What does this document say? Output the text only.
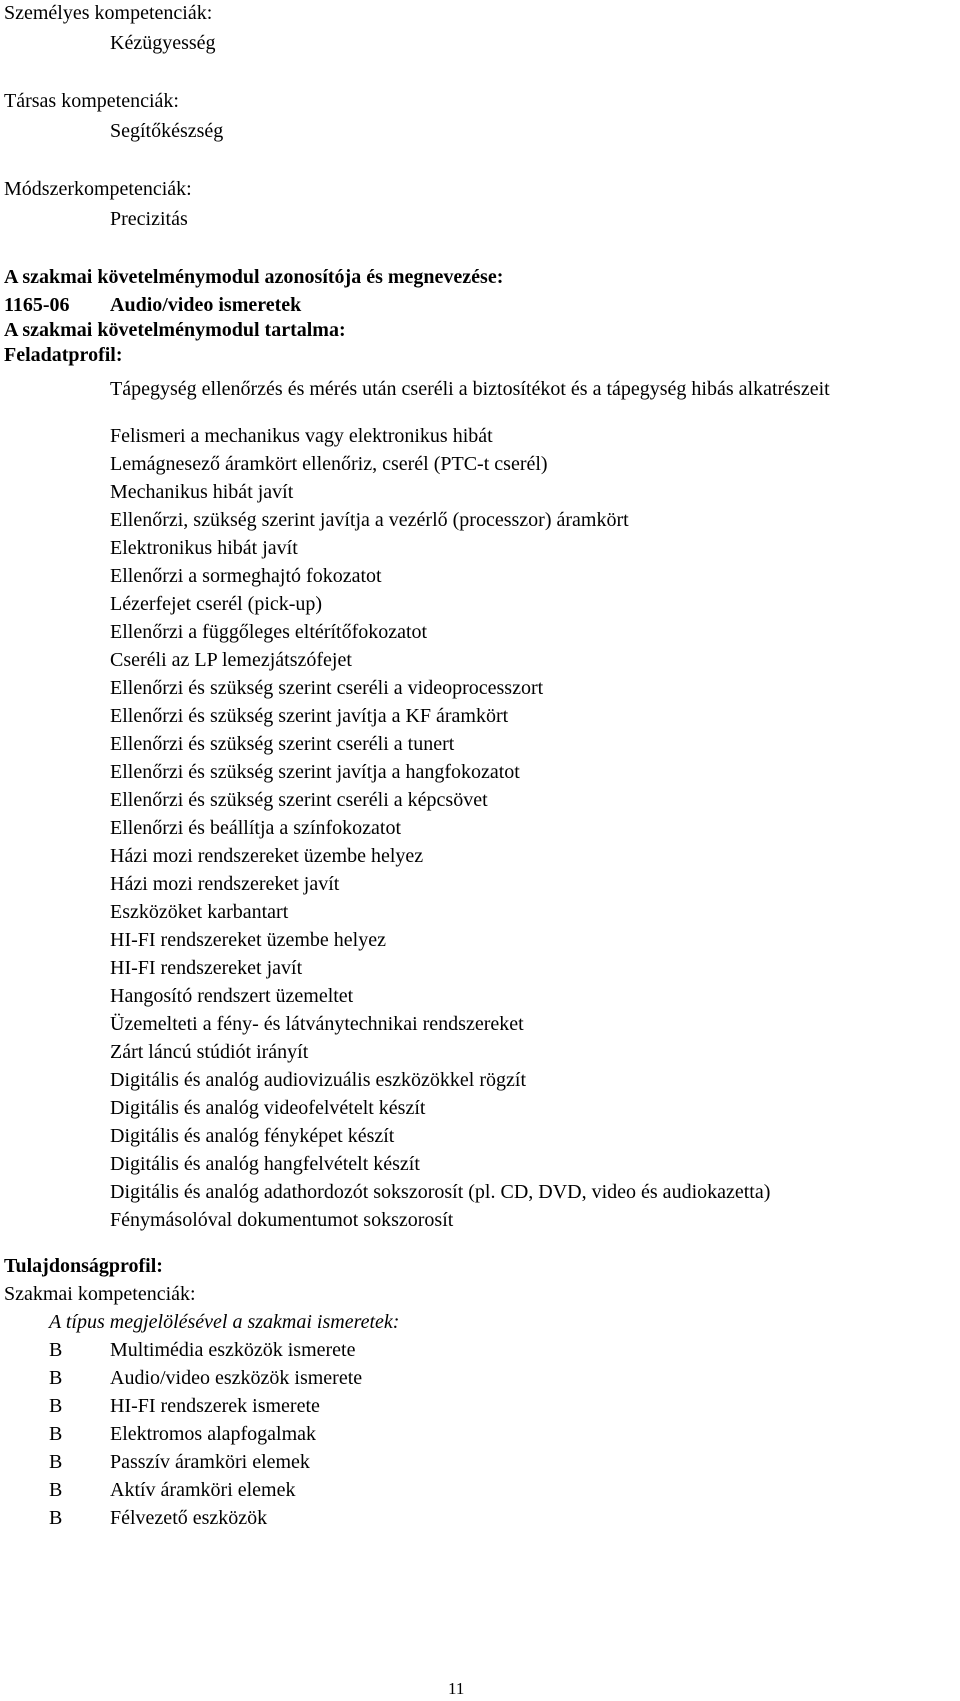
Személyes kompetenciák:
Kézügyesség
Társas kompetenciák:
Segítőkészség
Módszerkompetenciák:
Precizitás
A szakmai követelménymodul azonosítója és megnevezése:
1165-06 Audio/video ismeretek
A szakmai követelménymodul tartalma:
Feladatprofil:
Tápegység ellenőrzés és mérés után cseréli a biztosítékot és a tápegység hibás alkatrészeit
Felismeri a mechanikus vagy elektronikus hibát
Lemágnesező áramkört ellenőriz, cserél (PTC-t cserél)
Mechanikus hibát javít
Ellenőrzi, szükség szerint javítja a vezérlő (processzor) áramkört
Elektronikus hibát javít
Ellenőrzi a sormeghajtó fokozatot
Lézerfejet cserél (pick-up)
Ellenőrzi a függőleges eltérítőfokozatot
Cseréli az LP lemezjátszófejet
Ellenőrzi és szükség szerint cseréli a videoprocesszort
Ellenőrzi és szükség szerint javítja a KF áramkört
Ellenőrzi és szükség szerint cseréli a tunert
Ellenőrzi és szükség szerint javítja a hangfokozatot
Ellenőrzi és szükség szerint cseréli a képcsövet
Ellenőrzi és beállítja a színfokozatot
Házi mozi rendszereket üzembe helyez
Házi mozi rendszereket javít
Eszközöket karbantart
HI-FI rendszereket üzembe helyez
HI-FI rendszereket javít
Hangosító rendszert üzemeltet
Üzemelteti a fény- és látványtechnikai rendszereket
Zárt láncú stúdiót irányít
Digitális és analóg audiovizuális eszközökkel rögzít
Digitális és analóg videofelvételt készít
Digitális és analóg fényképet készít
Digitális és analóg hangfelvételt készít
Digitális és analóg adathordozót sokszorosít (pl. CD, DVD, video és audiokazetta)
Fénymásolóval dokumentumot sokszorosít
Tulajdonságprofil:
Szakmai kompetenciák:
A típus megjelölésével a szakmai ismeretek:
B Multimédia eszközök ismerete
B Audio/video eszközök ismerete
B HI-FI rendszerek ismerete
B Elektromos alapfogalmak
B Passzív áramköri elemek
B Aktív áramköri elemek
B Félvezető eszközök
11
